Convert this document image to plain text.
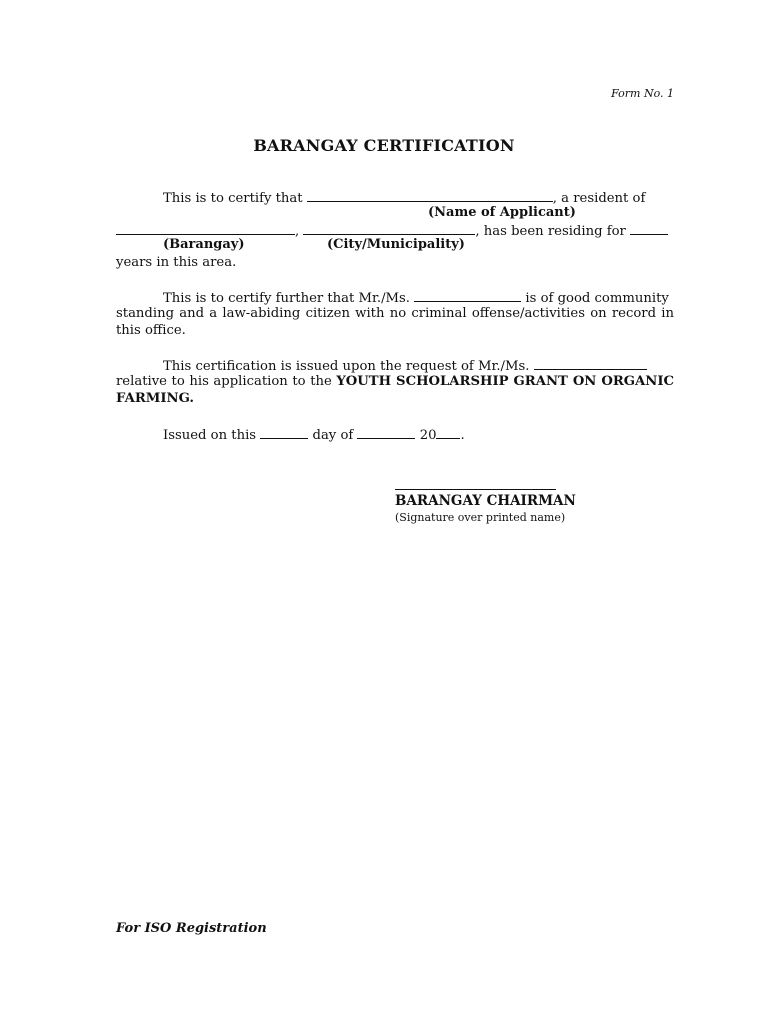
Form No. 1
BARANGAY CERTIFICATION
This is to certify that	, a resident of
(Name of Applicant)
,	, has been residing for
(Barangay)	(City/Municipality)
years in this area.
This is to certify further that Mr./Ms.	is of good community
standing and a law-abiding citizen with no criminal offense/activities on record in
this office.
This certification is issued upon the request of Mr./Ms.
relative to his application to the YOUTH SCHOLARSHIP GRANT ON ORGANIC
FARMING.
Issued on this	day of	20 .
BARANGAY CHAIRMAN
(Signature over printed name)
For ISO Registration
